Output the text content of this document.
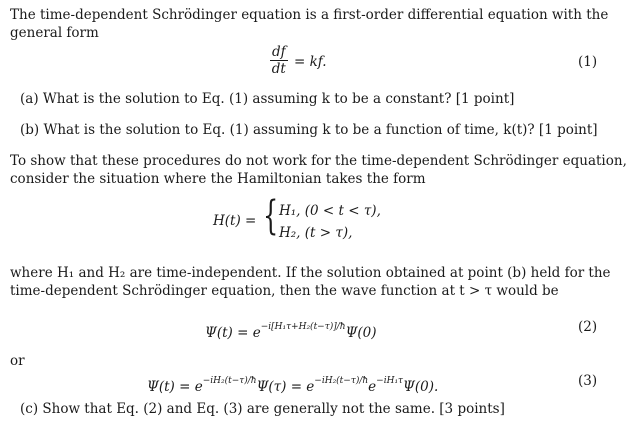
The time-dependent Schrödinger equation is a first-order differential equation with the
general form
$\frac{df}{dt}$ = kf.	(1)
(a) What is the solution to Eq. (1) assuming k to be a constant? [1 point]
(b) What is the solution to Eq. (1) assuming k to be a function of time, k(t)? [1 point]
To show that these procedures do not work for the time-dependent Schrödinger equation,
consider the situation where the Hamiltonian takes the form
H(t) = { H₁, (0 < t < τ),
H₂, (t > τ),
where H₁ and H₂ are time-independent. If the solution obtained at point (b) held for the
time-dependent Schrödinger equation, then the wave function at t > τ would be
$\Psi(t) = e^{-i[H_1\tau+H_2(t-\tau)]/ħ}\Psi(0)$	(2)
or
$\Psi(t) = e^{-iH_2(t-\tau)/ħ}\Psi(\tau) = e^{-iH_2(t-\tau)/ħ}e^{-iH_1\tau}\Psi(0)$.	(3)
(c) Show that Eq. (2) and Eq. (3) are generally not the same. [3 points]
